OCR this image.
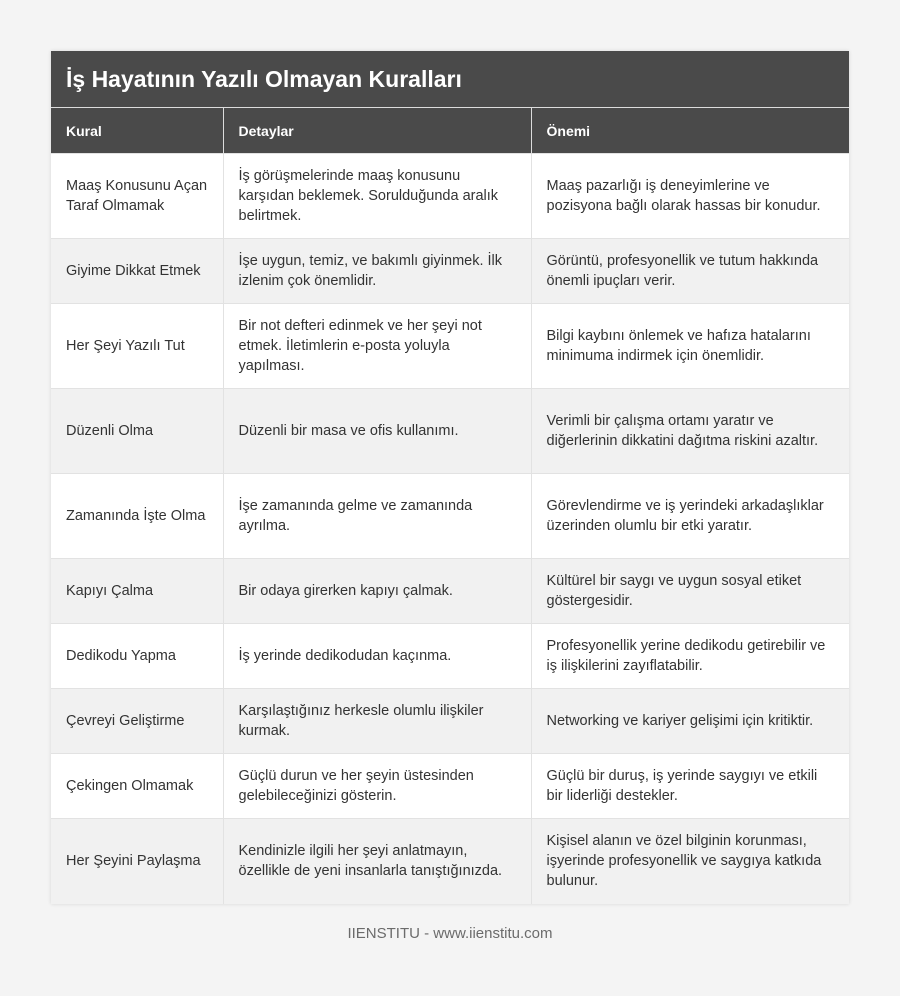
İş Hayatının Yazılı Olmayan Kuralları
Kural	Detaylar	Önemi
Maaş Konusunu Açan Taraf Olmamak	İş görüşmelerinde maaş konusunu karşıdan beklemek. Sorulduğunda aralık belirtmek.	Maaş pazarlığı iş deneyimlerine ve pozisyona bağlı olarak hassas bir konudur.
Giyime Dikkat Etmek	İşe uygun, temiz, ve bakımlı giyinmek. İlk izlenim çok önemlidir.	Görüntü, profesyonellik ve tutum hakkında önemli ipuçları verir.
Her Şeyi Yazılı Tut	Bir not defteri edinmek ve her şeyi not etmek. İletimlerin e-posta yoluyla yapılması.	Bilgi kaybını önlemek ve hafıza hatalarını minimuma indirmek için önemlidir.
Düzenli Olma	Düzenli bir masa ve ofis kullanımı.	Verimli bir çalışma ortamı yaratır ve diğerlerinin dikkatini dağıtma riskini azaltır.
Zamanında İşte Olma	İşe zamanında gelme ve zamanında ayrılma.	Görevlendirme ve iş yerindeki arkadaşlıklar üzerinden olumlu bir etki yaratır.
Kapıyı Çalma	Bir odaya girerken kapıyı çalmak.	Kültürel bir saygı ve uygun sosyal etiket göstergesidir.
Dedikodu Yapma	İş yerinde dedikodudan kaçınma.	Profesyonellik yerine dedikodu getirebilir ve iş ilişkilerini zayıflatabilir.
Çevreyi Geliştirme	Karşılaştığınız herkesle olumlu ilişkiler kurmak.	Networking ve kariyer gelişimi için kritiktir.
Çekingen Olmamak	Güçlü durun ve her şeyin üstesinden gelebileceğinizi gösterin.	Güçlü bir duruş, iş yerinde saygıyı ve etkili bir liderliği destekler.
Her Şeyini Paylaşma	Kendinizle ilgili her şeyi anlatmayın, özellikle de yeni insanlarla tanıştığınızda.	Kişisel alanın ve özel bilginin korunması, işyerinde profesyonellik ve saygıya katkıda bulunur.
IIENSTITU - www.iienstitu.com
